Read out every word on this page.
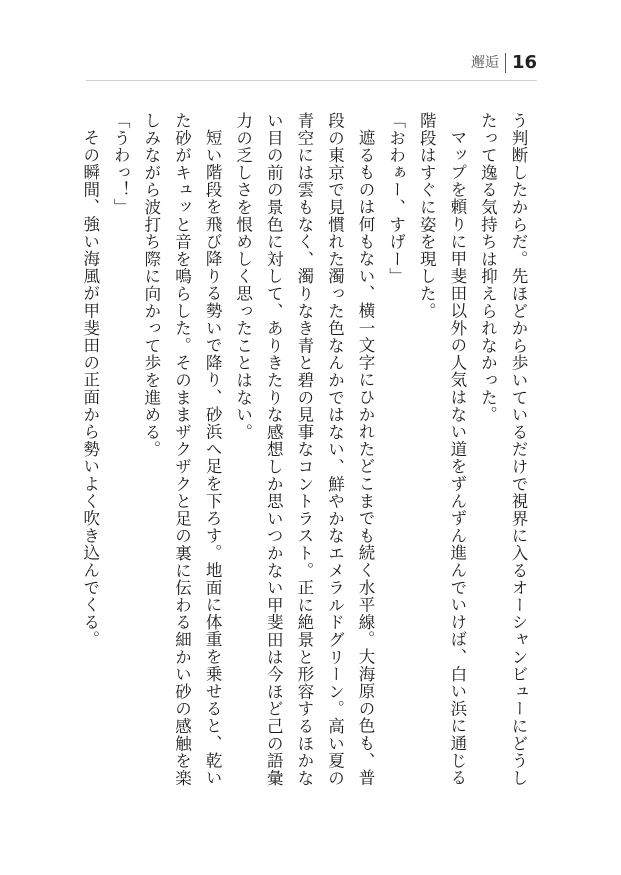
邂逅 16

う判断したからだ。先ほどから歩いているだけで視界に入るオーシャンビューにどうしたって逸る気持ちは抑えられなかった。

マップを頼りに甲斐田以外の人気はない道をずんずん進んでいけば、白い浜に通じる階段はすぐに姿を現した。

「おわぁー、すげー」

遮るものは何もない、横一文字にひかれたどこまでも続く水平線。大海原の色も、普段の東京で見慣れた濁った色なんかではない、鮮やかなエメラルドグリーン。高い夏の青空には雲もなく、濁りなき青と碧の見事なコントラスト。正に絶景と形容するほかない目の前の景色に対して、ありきたりな感想しか思いつかない甲斐田は今ほど己の語彙力の乏しさを恨めしく思ったことはない。

短い階段を飛び降りる勢いで降り、砂浜へ足を下ろす。地面に体重を乗せると、乾いた砂がキュッと音を鳴らした。そのままザクザクと足の裏に伝わる細かい砂の感触を楽しみながら波打ち際に向かって歩を進める。

「うわっ！」

その瞬間、強い海風が甲斐田の正面から勢いよく吹き込んでくる。
